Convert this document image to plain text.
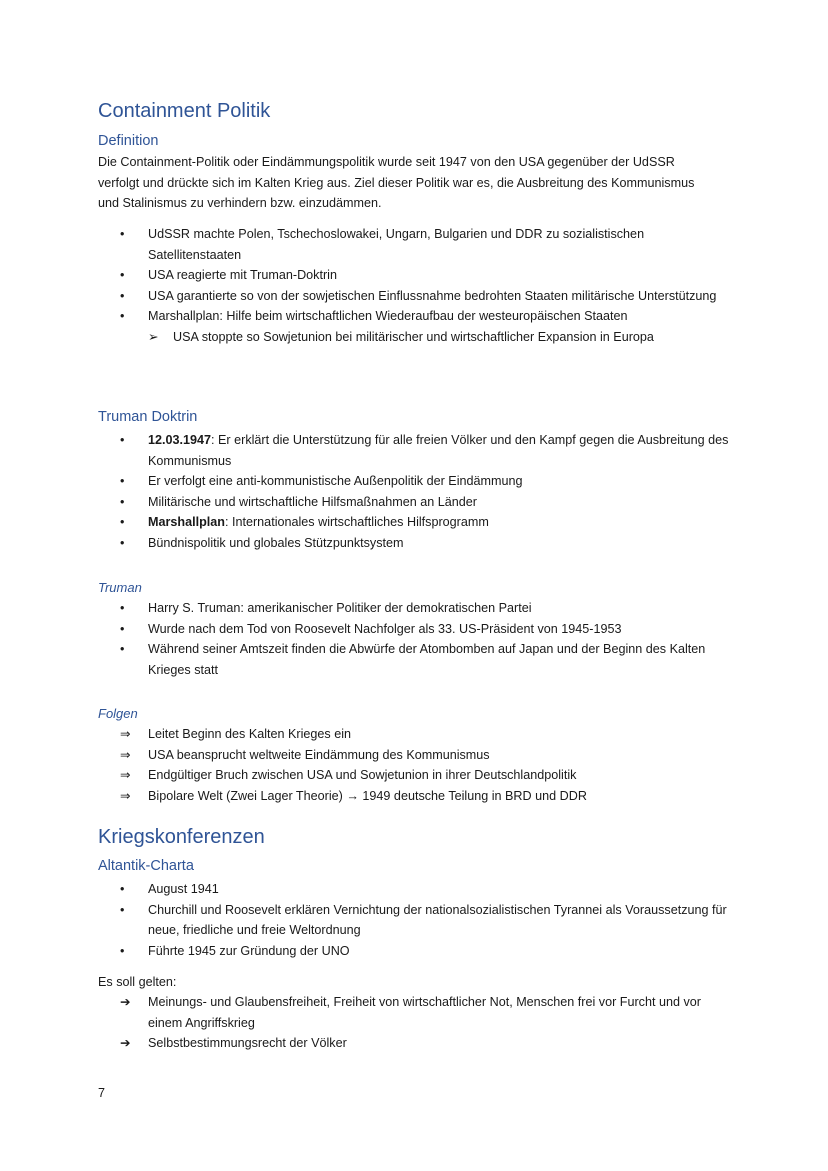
Containment Politik
Definition

Die Containment-Politik oder Eindämmungspolitik wurde seit 1947 von den USA gegenüber der UdSSR verfolgt und drückte sich im Kalten Krieg aus. Ziel dieser Politik war es, die Ausbreitung des Kommunismus und Stalinismus zu verhindern bzw. einzudämmen.

•	UdSSR machte Polen, Tschechoslowakei, Ungarn, Bulgarien und DDR zu sozialistischen Satellitenstaaten
•	USA reagierte mit Truman-Doktrin
•	USA garantierte so von der sowjetischen Einflussnahme bedrohten Staaten militärische Unterstützung
•	Marshallplan: Hilfe beim wirtschaftlichen Wiederaufbau der westeuropäischen Staaten
➢	USA stoppte so Sowjetunion bei militärischer und wirtschaftlicher Expansion in Europa
Truman Doktrin
•	12.03.1947: Er erklärt die Unterstützung für alle freien Völker und den Kampf gegen die Ausbreitung des Kommunismus
•	Er verfolgt eine anti-kommunistische Außenpolitik der Eindämmung
•	Militärische und wirtschaftliche Hilfsmaßnahmen an Länder
•	Marshallplan: Internationales wirtschaftliches Hilfsprogramm
•	Bündnispolitik und globales Stützpunktsystem
Truman
•	Harry S. Truman: amerikanischer Politiker der demokratischen Partei
•	Wurde nach dem Tod von Roosevelt Nachfolger als 33. US-Präsident von 1945-1953
•	Während seiner Amtszeit finden die Abwürfe der Atombomben auf Japan und der Beginn des Kalten Krieges statt
Folgen
⇒	Leitet Beginn des Kalten Krieges ein
⇒	USA beansprucht weltweite Eindämmung des Kommunismus
⇒	Endgültiger Bruch zwischen USA und Sowjetunion in ihrer Deutschlandpolitik
⇒	Bipolare Welt (Zwei Lager Theorie) → 1949 deutsche Teilung in BRD und DDR
Kriegskonferenzen
Altantik-Charta
•	August 1941
•	Churchill und Roosevelt erklären Vernichtung der nationalsozialistischen Tyrannei als Voraussetzung für neue, friedliche und freie Weltordnung
•	Führte 1945 zur Gründung der UNO

Es soll gelten:

➔	Meinungs- und Glaubensfreiheit, Freiheit von wirtschaftlicher Not, Menschen frei vor Furcht und vor einem Angriffskrieg
➔	Selbstbestimmungsrecht der Völker
7
